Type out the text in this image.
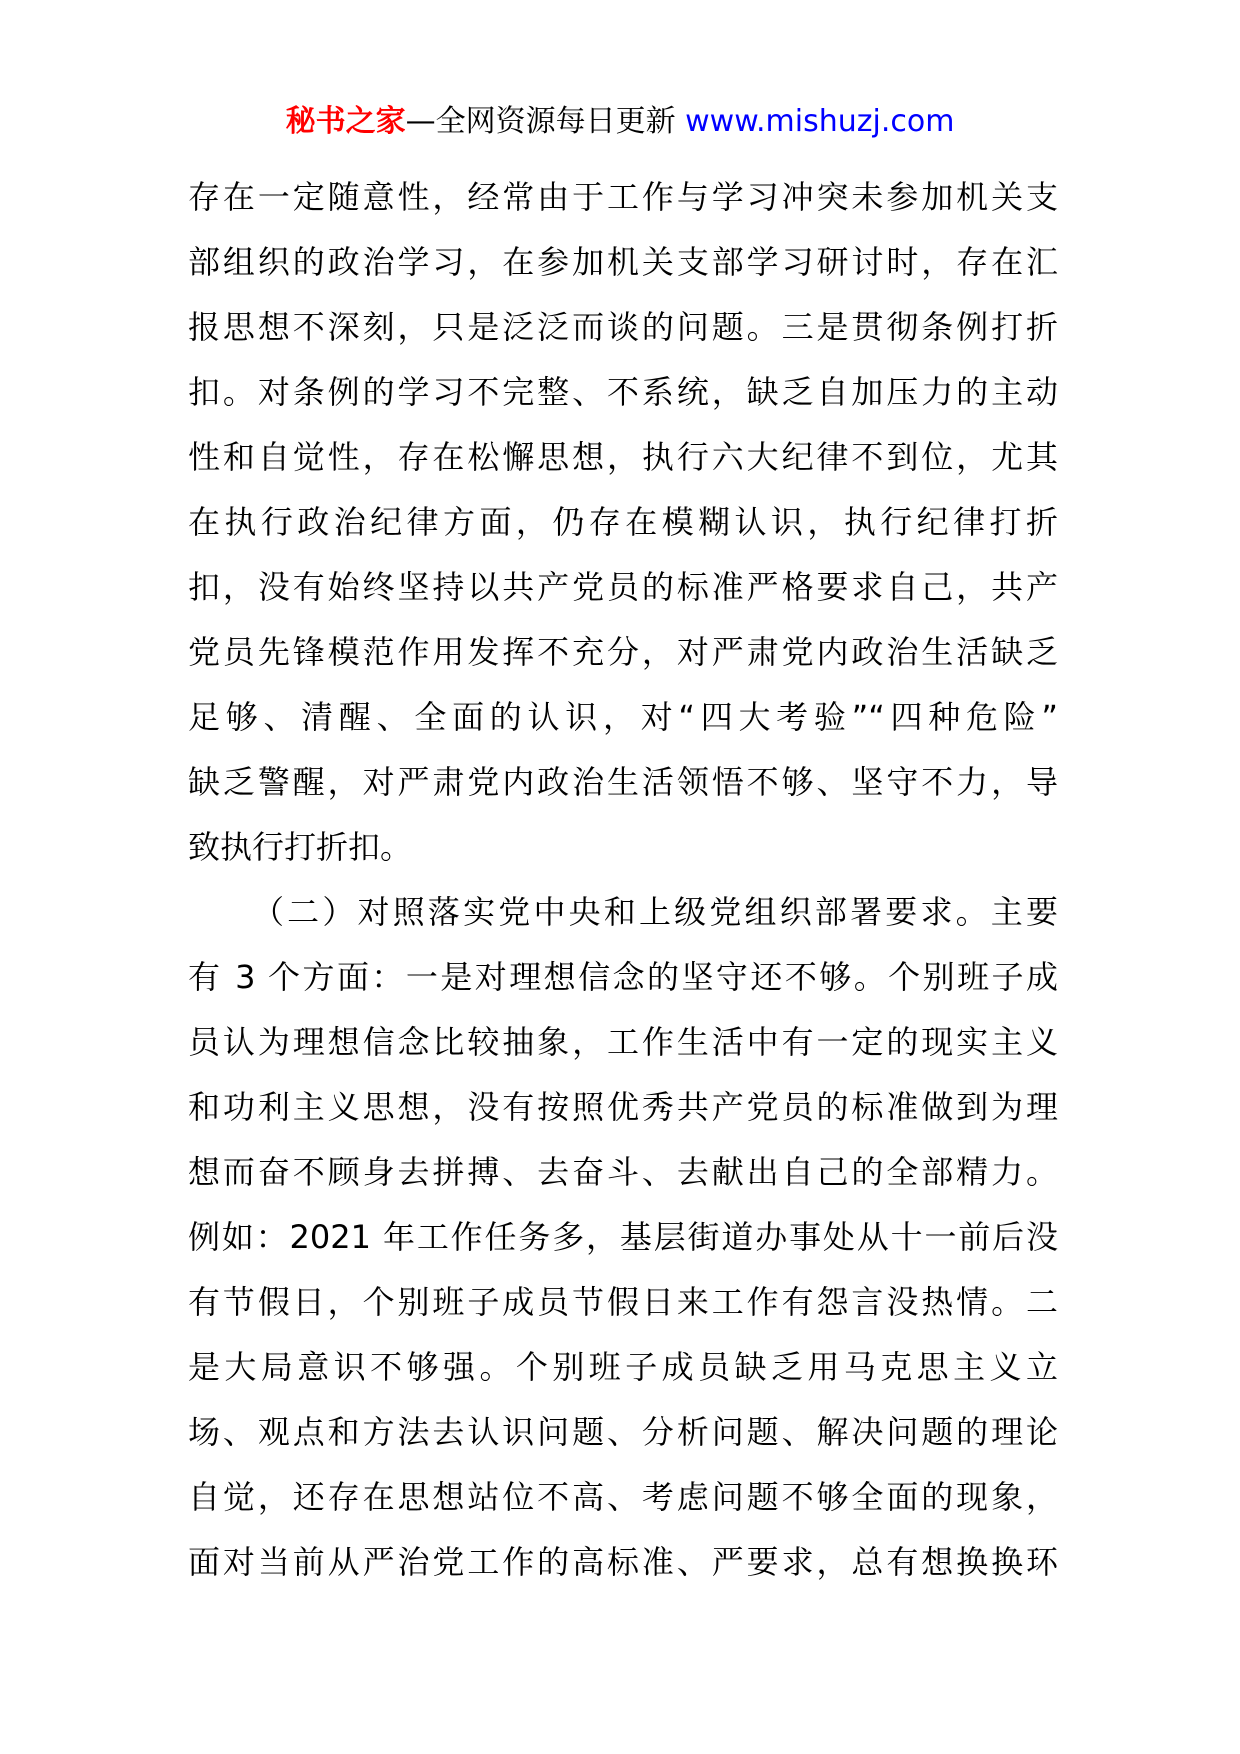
秘书之家—全网资源每日更新 www.mishuzj.com
存在一定随意性，经常由于工作与学习冲突未参加机关支
部组织的政治学习，在参加机关支部学习研讨时，存在汇
报思想不深刻，只是泛泛而谈的问题。三是贯彻条例打折
扣。对条例的学习不完整、不系统，缺乏自加压力的主动
性和自觉性，存在松懈思想，执行六大纪律不到位，尤其
在执行政治纪律方面，仍存在模糊认识，执行纪律打折
扣，没有始终坚持以共产党员的标准严格要求自己，共产
党员先锋模范作用发挥不充分，对严肃党内政治生活缺乏
足够、清醒、全面的认识，对“四大考验”“四种危险”
缺乏警醒，对严肃党内政治生活领悟不够、坚守不力，导
致执行打折扣。
（二）对照落实党中央和上级党组织部署要求。主要
有 3 个方面：一是对理想信念的坚守还不够。个别班子成
员认为理想信念比较抽象，工作生活中有一定的现实主义
和功利主义思想，没有按照优秀共产党员的标准做到为理
想而奋不顾身去拼搏、去奋斗、去献出自己的全部精力。
例如：2021 年工作任务多，基层街道办事处从十一前后没
有节假日，个别班子成员节假日来工作有怨言没热情。二
是大局意识不够强。个别班子成员缺乏用马克思主义立
场、观点和方法去认识问题、分析问题、解决问题的理论
自觉，还存在思想站位不高、考虑问题不够全面的现象，
面对当前从严治党工作的高标准、严要求，总有想换换环
